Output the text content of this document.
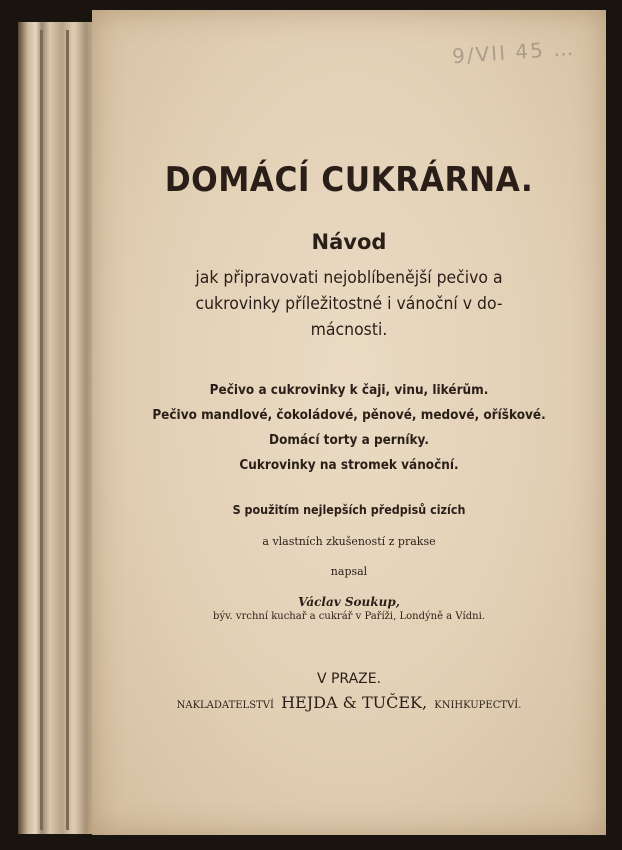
9/VII 45 …
DOMÁCÍ CUKRÁRNA.
Návod
jak připravovati nejoblíbenější pečivo a
cukrovinky příležitostné i vánoční v do-
mácnosti.
Pečivo a cukrovinky k čaji, vinu, likérům.
Pečivo mandlové, čokoládové, pěnové, medové, oříškové.
Domácí torty a perníky.
Cukrovinky na stromek vánoční.
S použitím nejlepších předpisů cizích
a vlastních zkušeností z prakse
napsal
Václav Soukup,
býv. vrchní kuchař a cukrář v Paříži, Londýně a Vídni.
V PRAZE.
NAKLADATELSTVÍ HEJDA & TUČEK, KNIHKUPECTVÍ.
